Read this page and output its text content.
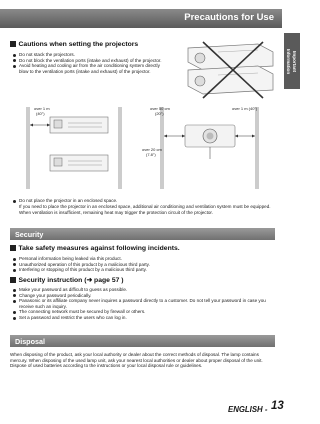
Precautions for Use
Important
Information
Cautions when setting the projectors
Do not stack the projectors.
Do not block the ventilation ports (intake and exhaust) of the projector.
Avoid heating and cooling air from the air conditioning system directly blow to the ventilation ports (intake and exhaust) of the projector.
over 1 m
(40")
over 50 cm
(20")
over 1 m (40")
over 20 cm
(7.8")
Do not place the projector in an enclosed space.
If you need to place the projector in an enclosed space, additional air conditioning and ventilation system must be equipped. When ventilation is insufficient, remaining heat may trigger the protection circuit of the projector.
Security
Take safety measures against following incidents.
Personal information being leaked via this product.
Unauthorized operation of this product by a malicious third party.
Interfering or stopping of this product by a malicious third party.
Security instruction (➜ page 57 )
Make your password as difficult to guess as possible.
Change your password periodically.
Panasonic or its affiliate company never inquires a password directly to a customer. Do not tell your password in case you receive such an inquiry.
The connecting network must be secured by firewall or others.
Set a password and restrict the users who can log in.
Disposal
When disposing of the product, ask your local authority or dealer about the correct methods of disposal. The lamp contains mercury. When disposing of the used lamp unit, ask your nearest local authorities or dealer about proper disposal of the unit. Dispose of used batteries according to the instructions or your local disposal rule or guidelines.
ENGLISH - 13
